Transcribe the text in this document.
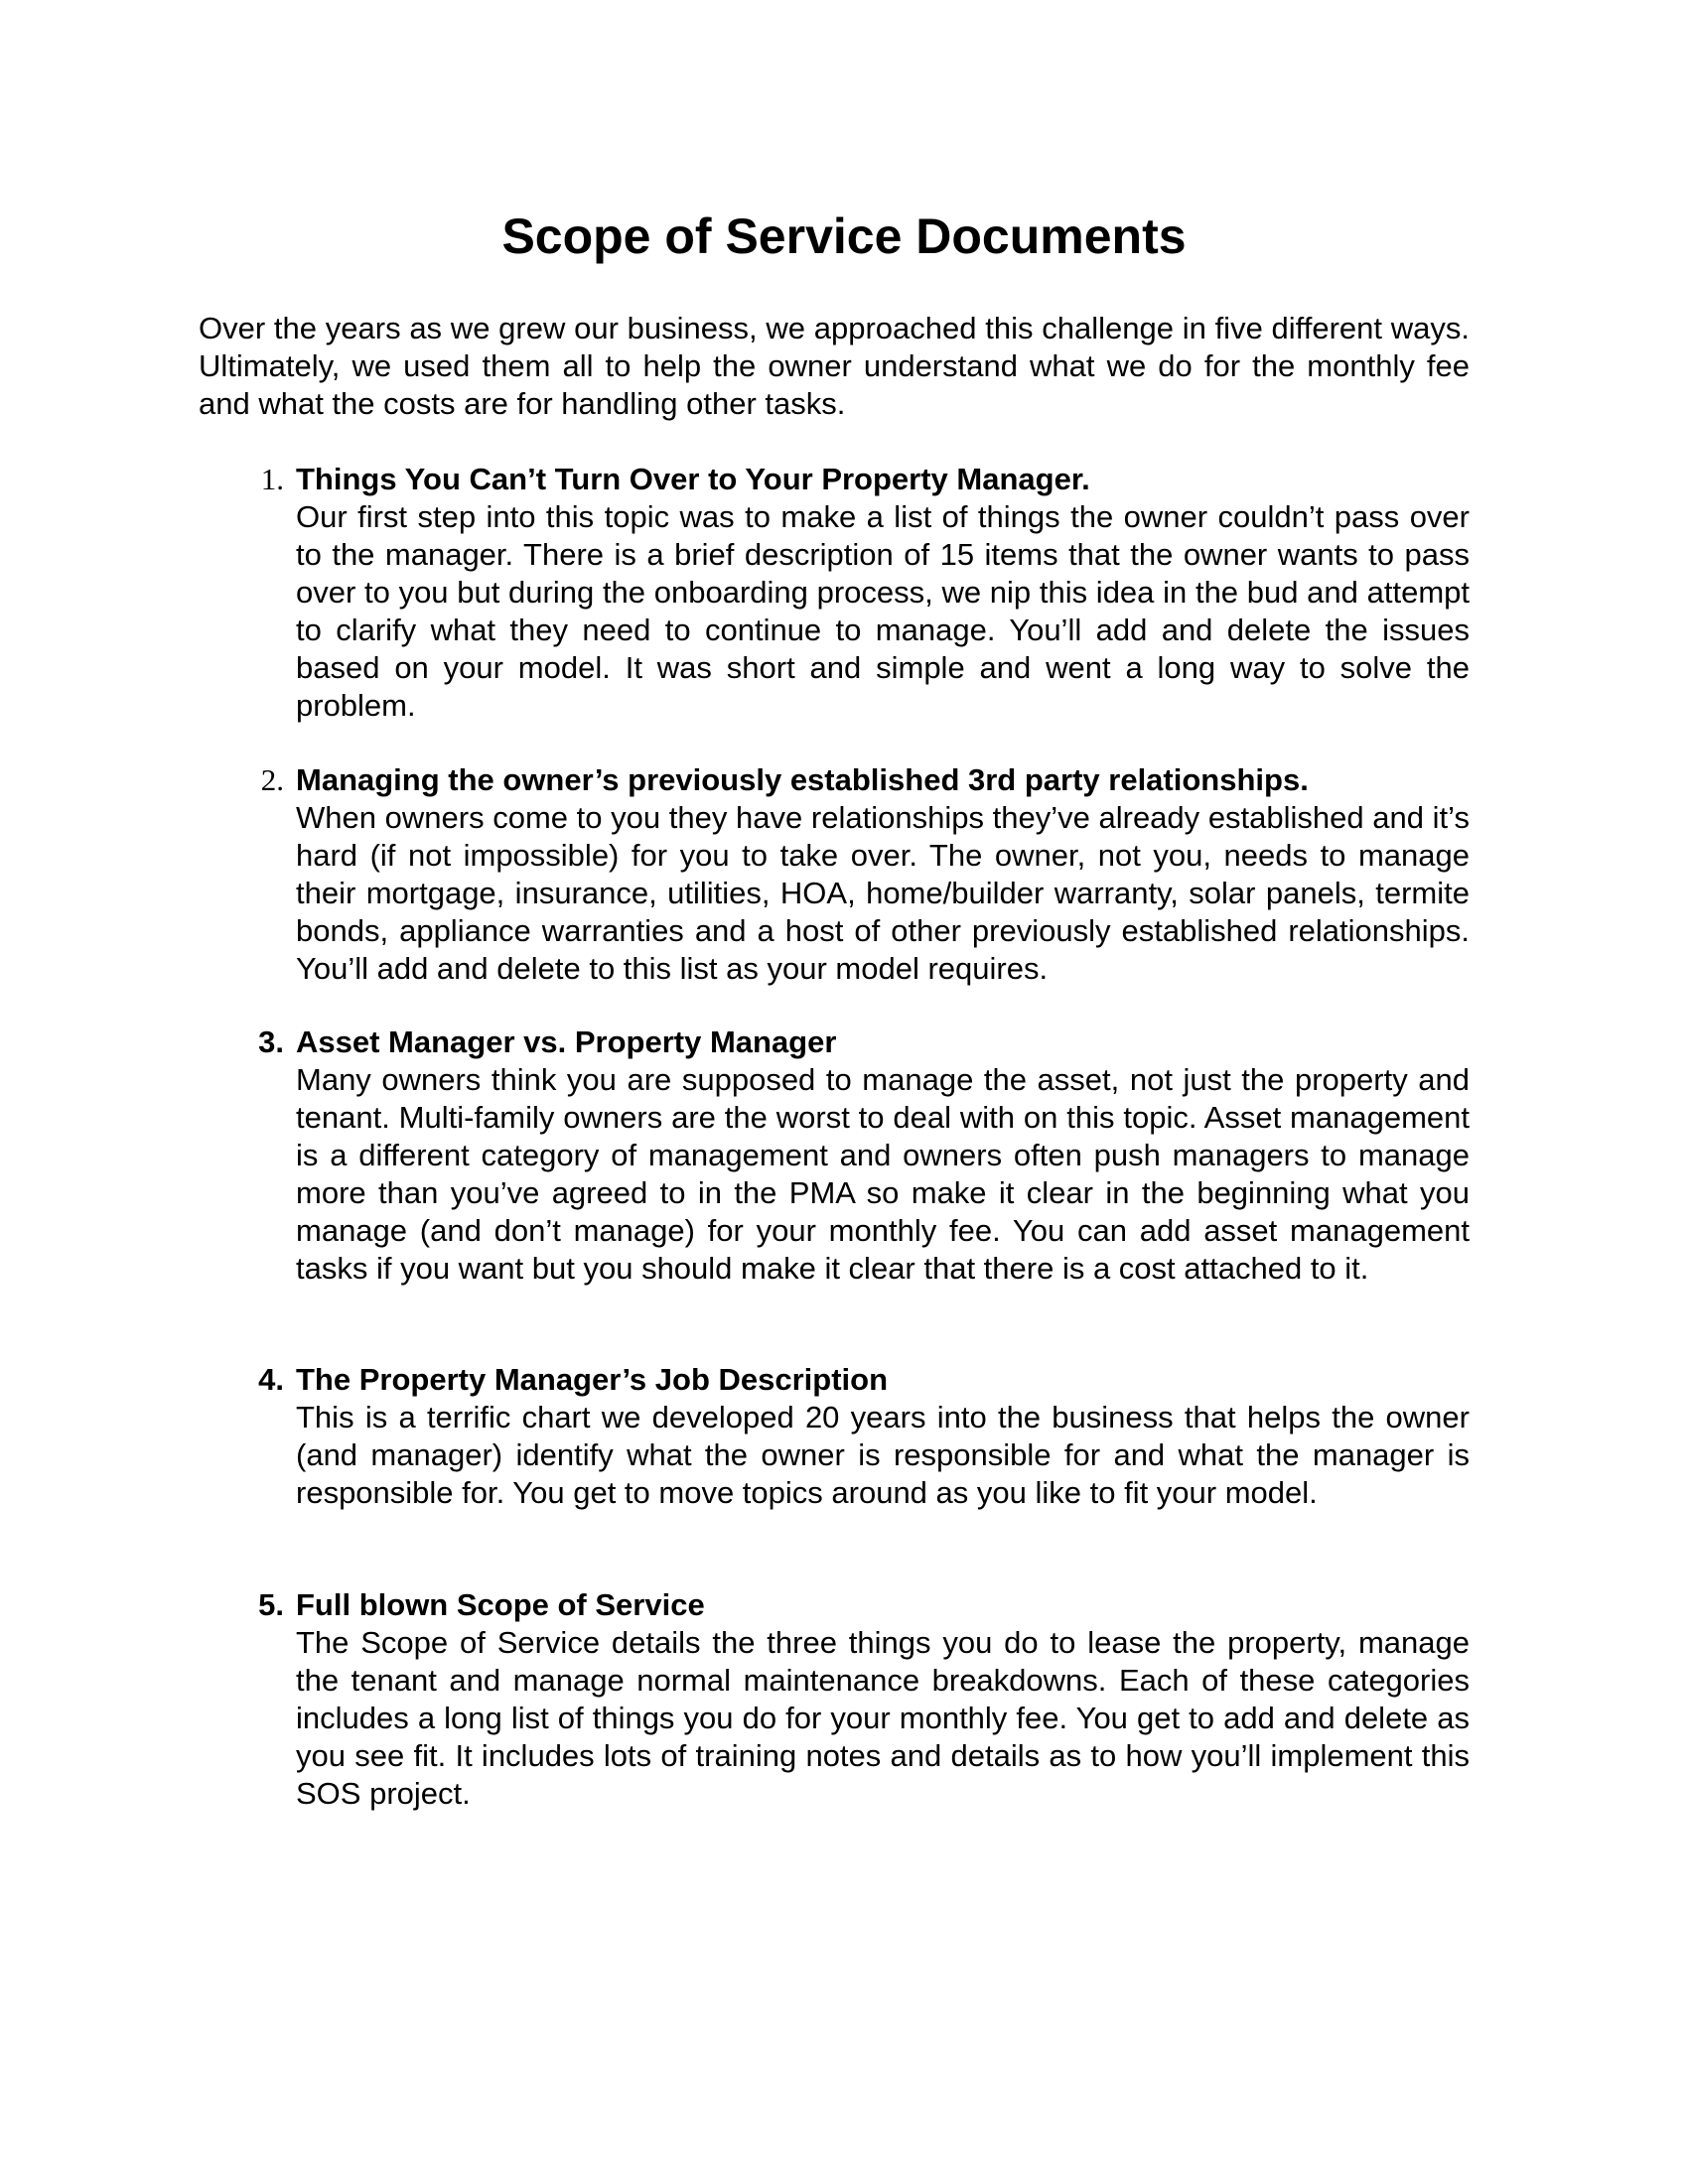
Scope of Service Documents
Over the years as we grew our business, we approached this challenge in five different ways. Ultimately, we used them all to help the owner understand what we do for the monthly fee and what the costs are for handling other tasks.
1. Things You Can’t Turn Over to Your Property Manager.
Our first step into this topic was to make a list of things the owner couldn’t pass over to the manager. There is a brief description of 15 items that the owner wants to pass over to you but during the onboarding process, we nip this idea in the bud and attempt to clarify what they need to continue to manage. You’ll add and delete the issues based on your model. It was short and simple and went a long way to solve the problem.
2. Managing the owner’s previously established 3rd party relationships.
When owners come to you they have relationships they’ve already established and it’s hard (if not impossible) for you to take over. The owner, not you, needs to manage their mortgage, insurance, utilities, HOA, home/builder warranty, solar panels, termite bonds, appliance warranties and a host of other previously established relationships. You’ll add and delete to this list as your model requires.
3. Asset Manager vs. Property Manager
Many owners think you are supposed to manage the asset, not just the property and tenant. Multi-family owners are the worst to deal with on this topic. Asset management is a different category of management and owners often push managers to manage more than you’ve agreed to in the PMA so make it clear in the beginning what you manage (and don’t manage) for your monthly fee. You can add asset management tasks if you want but you should make it clear that there is a cost attached to it.
4. The Property Manager’s Job Description
This is a terrific chart we developed 20 years into the business that helps the owner (and manager) identify what the owner is responsible for and what the manager is responsible for. You get to move topics around as you like to fit your model.
5. Full blown Scope of Service
The Scope of Service details the three things you do to lease the property, manage the tenant and manage normal maintenance breakdowns. Each of these categories includes a long list of things you do for your monthly fee. You get to add and delete as you see fit. It includes lots of training notes and details as to how you’ll implement this SOS project.
